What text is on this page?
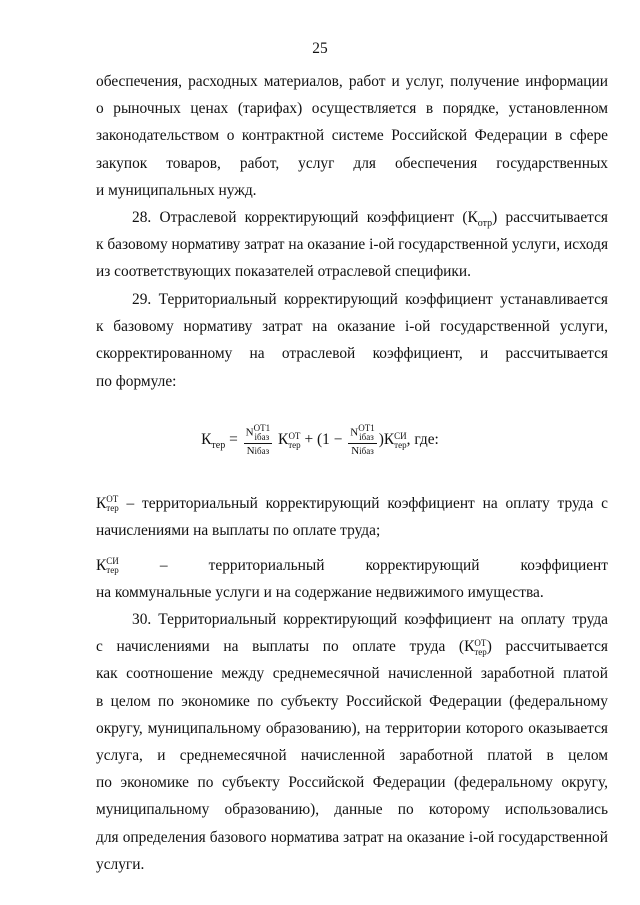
25
обеспечения, расходных материалов, работ и услуг, получение информации
о рыночных ценах (тарифах) осуществляется в порядке, установленном
законодательством о контрактной системе Российской Федерации в сфере
закупок товаров, работ, услуг для обеспечения государственных
и муниципальных нужд.
28. Отраслевой корректирующий коэффициент $(К_{отр})$ рассчитывается
к базовому нормативу затрат на оказание i-ой государственной услуги, исходя
из соответствующих показателей отраслевой специфики.
29. Территориальный корректирующий коэффициент устанавливается
к базовому нормативу затрат на оказание i-ой государственной услуги,
скорректированному на отраслевой коэффициент, и рассчитывается
по формуле:
$К_{тер} = N$ ОТ1
iбаз
N iбаз К ОТ
тер + (1 − N ОТ1
iбаз
N iбаз )К СИ
тер , где:
К ОТ
тер – территориальный корректирующий коэффициент на оплату труда с
начислениями на выплаты по оплате труда;
К СИ
тер – территориальный корректирующий коэффициент
на коммунальные услуги и на содержание недвижимого имущества.
30. Территориальный корректирующий коэффициент на оплату труда
с начислениями на выплаты по оплате труда (К ОТ
тер ) рассчитывается
как соотношение между среднемесячной начисленной заработной платой
в целом по экономике по субъекту Российской Федерации (федеральному
округу, муниципальному образованию), на территории которого оказывается
услуга, и среднемесячной начисленной заработной платой в целом
по экономике по субъекту Российской Федерации (федеральному округу,
муниципальному образованию), данные по которому использовались
для определения базового норматива затрат на оказание i-ой государственной
услуги.
